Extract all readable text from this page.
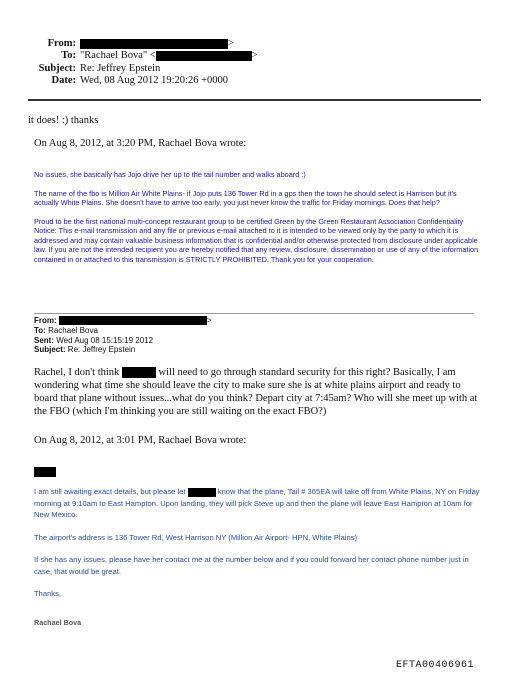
From:	>
To: "Rachael Bova" <	>
Subject: Re: Jeffrey Epstein
Date: Wed, 08 Aug 2012 19:20:26 +0000
it does! :) thanks
On Aug 8, 2012, at 3:20 PM, Rachael Bova wrote:
No issues, she basically has Jojo drive her up to the tail number and walks aboard :)
The name of the fbo is Million Air White Plains- if Jojo puts 136 Tower Rd in a gps then the town he should select is Harrison but it's actually White Plains. She doesn't have to arrive too early, you just never know the traffic for Friday mornings. Does that help?
Proud to be the first national multi-concept restaurant group to be certified Green by the Green Restaurant Association Confidentiality Notice: This e-mail transmission and any file or previous e-mail attached to it is intended to be viewed only by the party to which it is addressed and may contain valuable business information that is confidential and/or otherwise protected from disclosure under applicable law. If you are not the intended recipient you are hereby notified that any review, disclosure, dissemination or use of any of the information contained in or attached to this transmission is STRICTLY PROHIBITED. Thank you for your cooperation.
From:	>
To: Rachael Bova
Sent: Wed Aug 08 15:15:19 2012
Subject: Re: Jeffrey Epstein
Rachel, I don't think	will need to go through standard security for this right? Basically, I am wondering what time she should leave the city to make sure she is at white plains airport and ready to board that plane without issues...what do you think? Depart city at 7:45am? Who will she meet up with at the FBO (which I'm thinking you are still waiting on the exact FBO?)
On Aug 8, 2012, at 3:01 PM, Rachael Bova wrote:
I am still awaiting exact details, but please let	know that the plane, Tail # 365EA will take off from White Plains, NY on Friday morning at 9:10am to East Hampton. Upon landing, they will pick Steve up and then the plane will leave East Hampton at 10am for New Mexico.
The airport's address is 136 Tower Rd, West Harrison NY (Million Air Airport- HPN, White Plains)
If she has any issues, please have her contact me at the number below and if you could forward her contact phone number just in case, that would be great.
Thanks,
Rachael Bova
EFTA00406961
